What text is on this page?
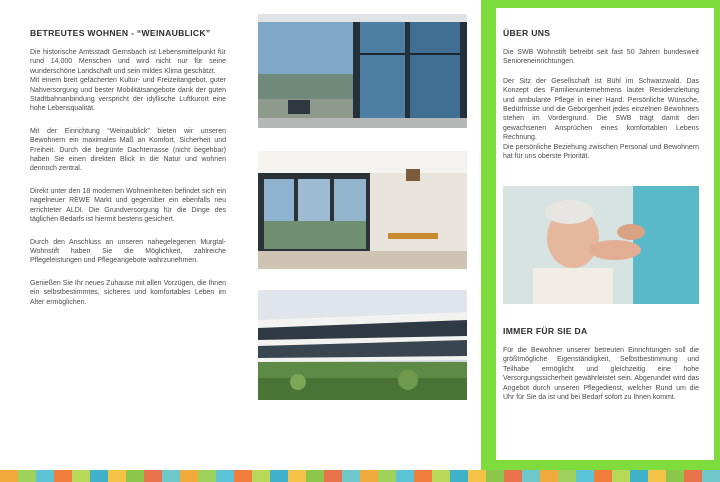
BETREUTES WOHNEN - “WEINAUBLICK”

Die historische Amtsstadt Gernsbach ist Lebensmittelpunkt für rund 14.000 Menschen und wird nicht nur für seine wunderschöne Landschaft und sein mildes Klima geschätzt.
Mit einem breit gefächerten Kultur- und Freizeitangebot, guter Nahversorgung und bester Mobilitätsangebote dank der guten Stadtbahnanbindung verspricht der idyllische Luftkurort eine hohe Lebensqualität.

Mit der Einrichtung “Weinaublick” bieten wir unseren Bewohnern ein maximales Maß an Komfort, Sicherheit und Freiheit. Durch die begrünte Dachterrasse (nicht begehbar) haben Sie einen direkten Blick in die Natur und wohnen dennoch zentral.

Direkt unter den 18 modernen Wohneinheiten befindet sich ein nagelneuer REWE Markt und gegenüber ein ebenfalls neu errichteter ALDI. Die Grundversorgung für die Dinge des täglichen Bedarfs ist hiermit bestens gesichert.

Durch den Anschluss an unseren nahegelegenen Murgtal-Wohnstift haben Sie die Möglichkeit, zahlreiche Pflegeleistungen und Pflegeangebote wahrzunehmen.

Genießen Sie Ihr neues Zuhause mit allen Vorzügen, die Ihnen ein selbstbestimmtes, sicheres und komfortables Leben im Alter ermöglichen.

ÜBER UNS

Die SWB Wohnstift betreibt seit fast 50 Jahren bundesweit Senioreneinrichtungen.

Der Sitz der Gesellschaft ist Bühl im Schwarzwald. Das Konzept des Familienunternehmens lautet Residenzleitung und ambulante Pflege in einer Hand. Persönliche Wünsche, Bedürfnisse und die Geborgenheit jedes einzelnen Bewohners stehen im Vordergrund. Die SWB trägt damit den gewachsenen Ansprüchen eines komfortablen Lebens Rechnung.
Die persönliche Beziehung zwischen Personal und Bewohnern hat für uns oberste Priorität.

IMMER FÜR SIE DA

Für die Bewohner unserer betreuten Einrichtungen soll die größtmögliche Eigenständigkeit, Selbstbestimmung und Teilhabe ermöglicht und gleichzeitig eine hohe Versorgungssicherheit gewährleistet sein. Abgerundet wird das Angebot durch unseren Pflegedienst, welcher Rund um die Uhr für Sie da ist und bei Bedarf sofort zu Ihnen kommt.
